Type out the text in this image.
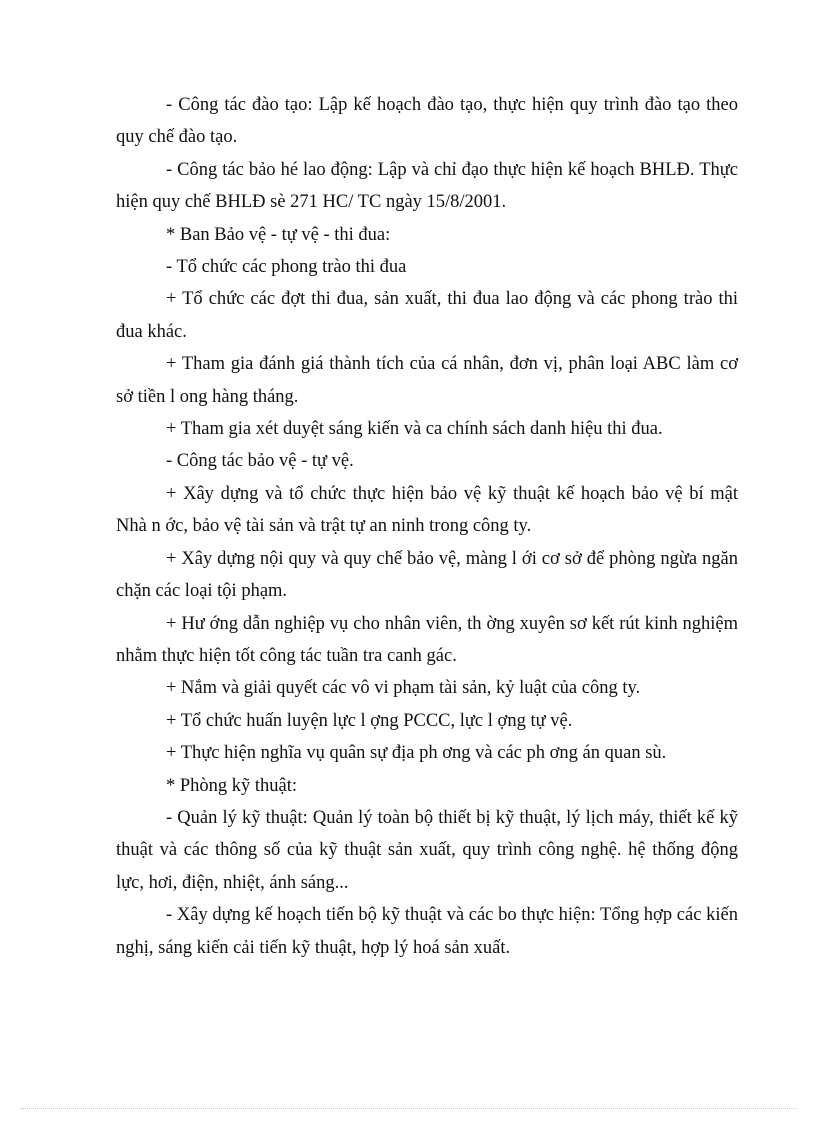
- Công tác đào tạo: Lập kế hoạch đào tạo, thực hiện quy trình đào tạo theo quy chế đào tạo.

- Công tác bảo hé lao động: Lập và chỉ đạo thực hiện kế hoạch BHLĐ. Thực hiện quy chế BHLĐ sè 271 HC/ TC ngày 15/8/2001.

* Ban Bảo vệ - tự vệ - thi đua:

- Tổ chức các phong trào thi đua

+ Tổ chức các đợt thi đua, sản xuất, thi đua lao động và các phong trào thi đua khác.

+ Tham gia đánh giá thành tích của cá nhân, đơn vị, phân loại ABC làm cơ sở tiền l ong hàng tháng.

+ Tham gia xét duyệt sáng kiến và ca chính sách danh hiệu thi đua.

- Công tác bảo vệ - tự vệ.

+ Xây dựng và tổ chức thực hiện bảo vệ kỹ thuật kế hoạch bảo vệ bí mật Nhà n ớc, bảo vệ tài sản và trật tự an ninh trong công ty.

+ Xây dựng nội quy và quy chế bảo vệ, màng l ới cơ sở để phòng ngừa ngăn chặn các loại tội phạm.

+ Hư ớng dẫn nghiệp vụ cho nhân viên, th ờng xuyên sơ kết rút kinh nghiệm nhằm thực hiện tốt công tác tuần tra canh gác.

+ Nắm và giải quyết các vô vi phạm tài sản, kỷ luật của công ty.

+ Tổ chức huấn luyện lực l ợng PCCC, lực l ợng tự vệ.

+ Thực hiện nghĩa vụ quân sự địa ph ơng và các ph ơng án quan sù.

* Phòng kỹ thuật:

- Quản lý kỹ thuật: Quản lý toàn bộ thiết bị kỹ thuật, lý lịch máy, thiết kế kỹ thuật và các thông số của kỹ thuật sản xuất, quy trình công nghệ. hệ thống động lực, hơi, điện, nhiệt, ánh sáng...

- Xây dựng kế hoạch tiến bộ kỹ thuật và các bo thực hiện: Tổng hợp các kiến nghị, sáng kiến cải tiến kỹ thuật, hợp lý hoá sản xuất.
